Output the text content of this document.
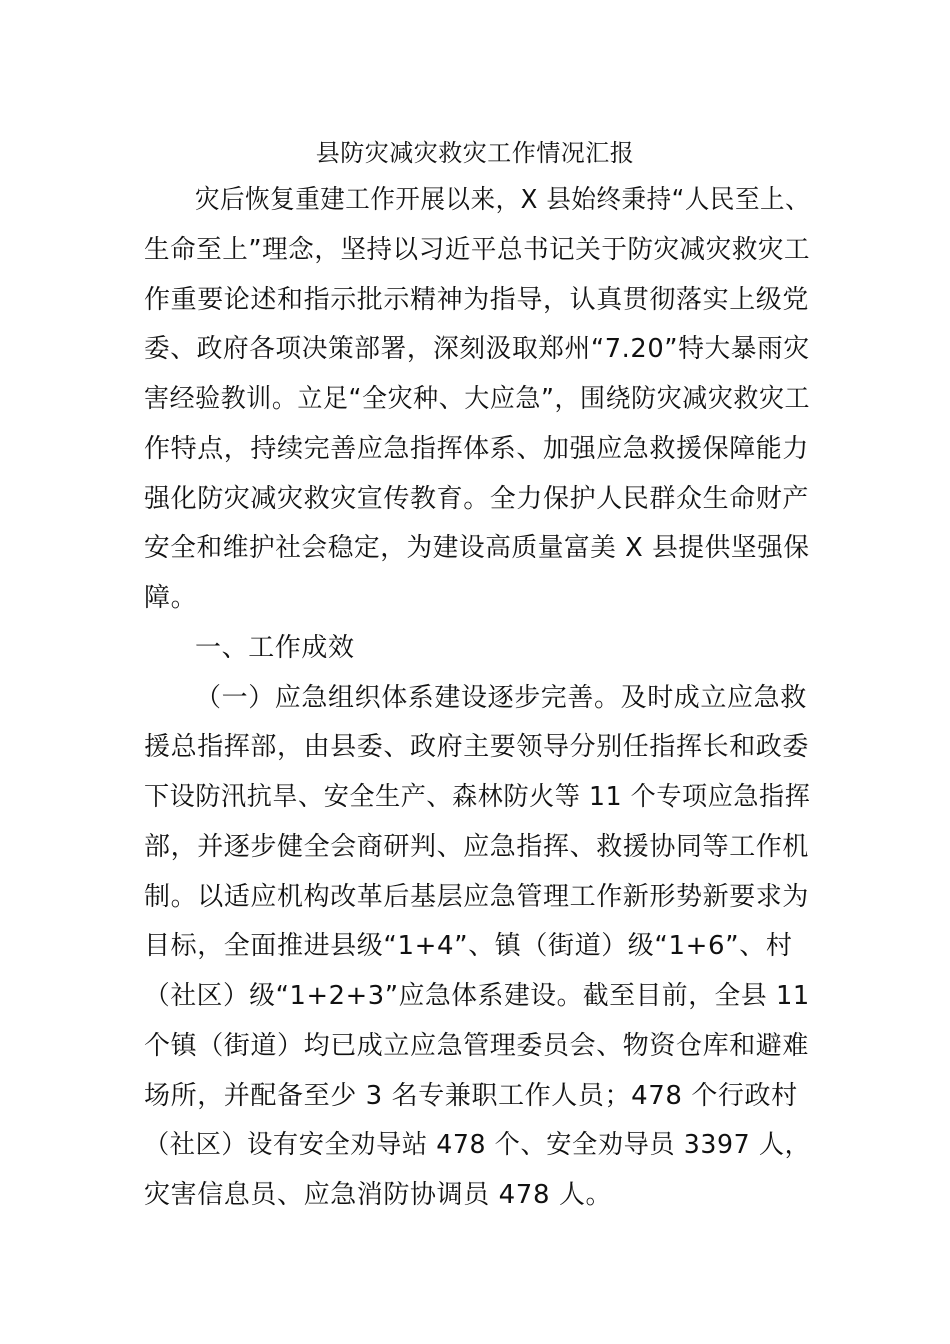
县防灾减灾救灾工作情况汇报
灾后恢复重建工作开展以来，X 县始终秉持“人民至上、
生命至上”理念，坚持以习近平总书记关于防灾减灾救灾工
作重要论述和指示批示精神为指导，认真贯彻落实上级党
委、政府各项决策部署，深刻汲取郑州“7.20”特大暴雨灾
害经验教训。立足“全灾种、大应急”，围绕防灾减灾救灾工
作特点，持续完善应急指挥体系、加强应急救援保障能力
强化防灾减灾救灾宣传教育。全力保护人民群众生命财产
安全和维护社会稳定，为建设高质量富美 X 县提供坚强保
障。
一、工作成效
（一）应急组织体系建设逐步完善。及时成立应急救
援总指挥部，由县委、政府主要领导分别任指挥长和政委
下设防汛抗旱、安全生产、森林防火等 11 个专项应急指挥
部，并逐步健全会商研判、应急指挥、救援协同等工作机
制。以适应机构改革后基层应急管理工作新形势新要求为
目标，全面推进县级“1+4”、镇（街道）级“1+6”、村
（社区）级“1+2+3”应急体系建设。截至目前，全县 11
个镇（街道）均已成立应急管理委员会、物资仓库和避难
场所，并配备至少 3 名专兼职工作人员；478 个行政村
（社区）设有安全劝导站 478 个、安全劝导员 3397 人，
灾害信息员、应急消防协调员 478 人。
